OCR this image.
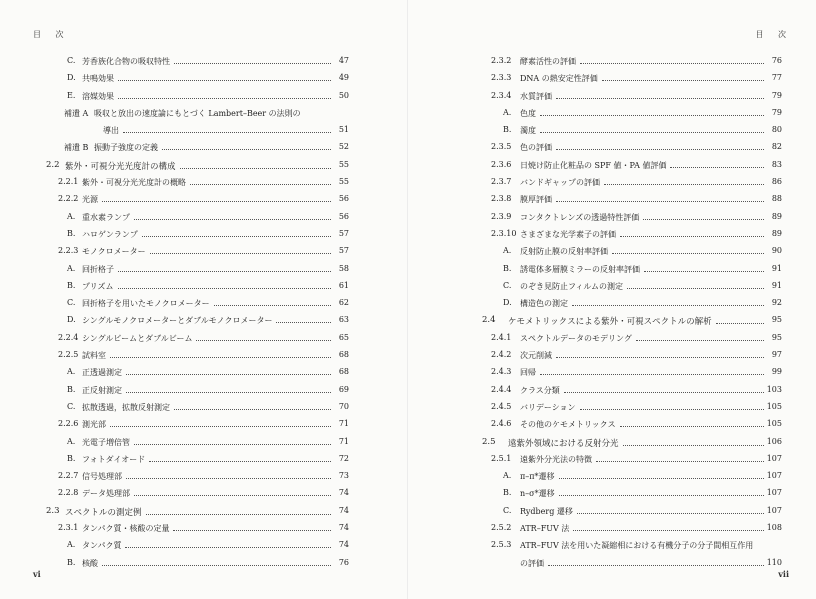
目 次
C. 芳香族化合物の吸収特性	47
D. 共鳴効果	49
E. 溶媒効果	50
補遺 A 吸収と放出の速度論にもとづく Lambert–Beer の法則の
導出	51
補遺 B 振動子強度の定義	52
2.2 紫外・可視分光光度計の構成	55
2.2.1 紫外・可視分光光度計の概略	55
2.2.2 光源	56
A. 重水素ランプ	56
B. ハロゲンランプ	57
2.2.3 モノクロメーター	57
A. 回折格子	58
B. プリズム	61
C. 回折格子を用いたモノクロメーター	62
D. シングルモノクロメーターとダブルモノクロメーター	63
2.2.4 シングルビームとダブルビーム	65
2.2.5 試料室	68
A. 正透過測定	68
B. 正反射測定	69
C. 拡散透過，拡散反射測定	70
2.2.6 測光部	71
A. 光電子増倍管	71
B. フォトダイオード	72
2.2.7 信号処理部	73
2.2.8 データ処理部	74
2.3 スペクトルの測定例	74
2.3.1 タンパク質・核酸の定量	74
A. タンパク質	74
B. 核酸	76
vi
目 次
2.3.2 酵素活性の評価	76
2.3.3 DNA の熱安定性評価	77
2.3.4 水質評価	79
A. 色度	79
B. 濁度	80
2.3.5 色の評価	82
2.3.6 日焼け防止化粧品の SPF 値・PA 値評価	83
2.3.7 バンドギャップの評価	86
2.3.8 膜厚評価	88
2.3.9 コンタクトレンズの透過特性評価	89
2.3.10 さまざまな光学素子の評価	89
A. 反射防止膜の反射率評価	90
B. 誘電体多層膜ミラーの反射率評価	91
C. のぞき見防止フィルムの測定	91
D. 構造色の測定	92
2.4 ケモメトリックスによる紫外・可視スペクトルの解析	95
2.4.1 スペクトルデータのモデリング	95
2.4.2 次元削減	97
2.4.3 回帰	99
2.4.4 クラス分類	103
2.4.5 バリデーション	105
2.4.6 その他のケモメトリックス	105
2.5 遠紫外領域における反射分光	106
2.5.1 遠紫外分光法の特徴	107
A. π–π*遷移	107
B. n–σ*遷移	107
C. Rydberg 遷移	107
2.5.2 ATR–FUV 法	108
2.5.3 ATR–FUV 法を用いた凝縮相における有機分子の分子間相互作用
の評価	110
vii
